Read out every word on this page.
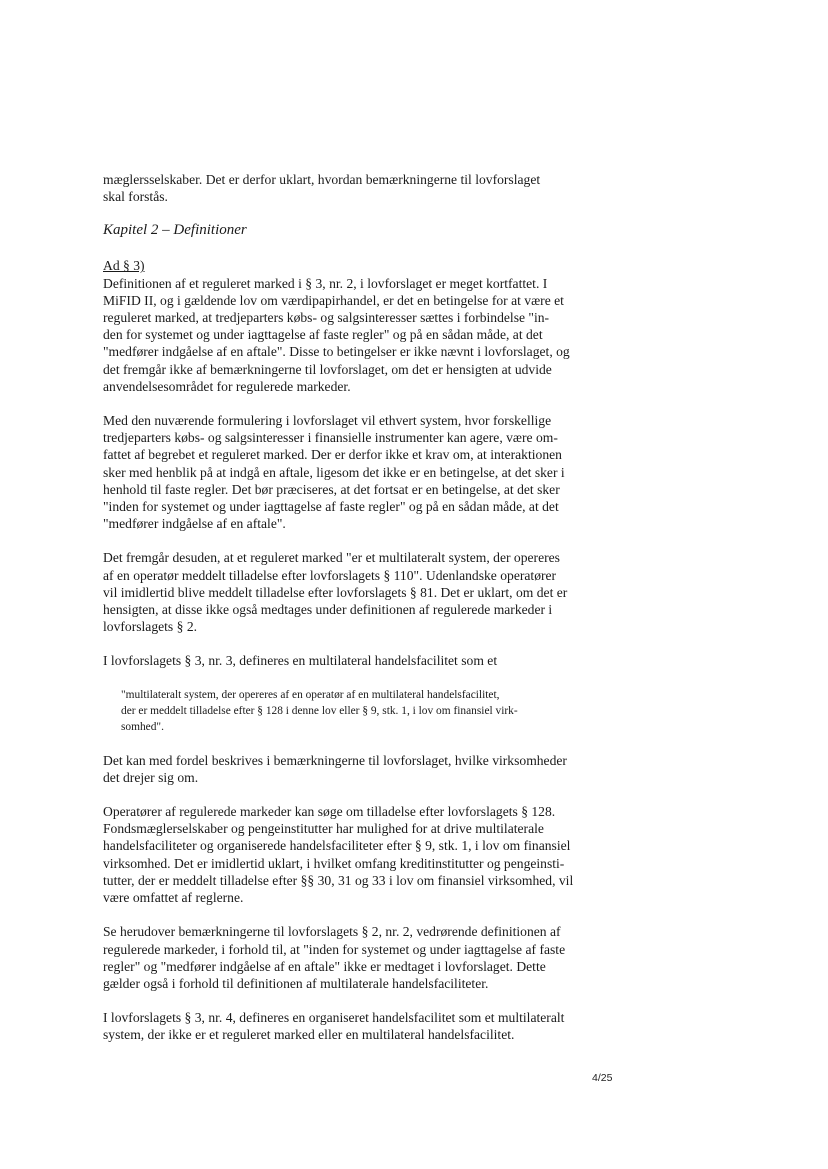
mæglersselskaber. Det er derfor uklart, hvordan bemærkningerne til lovforslaget
skal forstås.

Kapitel 2 – Definitioner

Ad § 3)

Definitionen af et reguleret marked i § 3, nr. 2, i lovforslaget er meget kortfattet. I
MiFID II, og i gældende lov om værdipapirhandel, er det en betingelse for at være et
reguleret marked, at tredjeparters købs- og salgsinteresser sættes i forbindelse "in-
den for systemet og under iagttagelse af faste regler" og på en sådan måde, at det
"medfører indgåelse af en aftale". Disse to betingelser er ikke nævnt i lovforslaget, og
det fremgår ikke af bemærkningerne til lovforslaget, om det er hensigten at udvide
anvendelsesområdet for regulerede markeder.

Med den nuværende formulering i lovforslaget vil ethvert system, hvor forskellige
tredjeparters købs- og salgsinteresser i finansielle instrumenter kan agere, være om-
fattet af begrebet et reguleret marked. Der er derfor ikke et krav om, at interaktionen
sker med henblik på at indgå en aftale, ligesom det ikke er en betingelse, at det sker i
henhold til faste regler. Det bør præciseres, at det fortsat er en betingelse, at det sker
"inden for systemet og under iagttagelse af faste regler" og på en sådan måde, at det
"medfører indgåelse af en aftale".

Det fremgår desuden, at et reguleret marked "er et multilateralt system, der opereres
af en operatør meddelt tilladelse efter lovforslagets § 110". Udenlandske operatører
vil imidlertid blive meddelt tilladelse efter lovforslagets § 81. Det er uklart, om det er
hensigten, at disse ikke også medtages under definitionen af regulerede markeder i
lovforslagets § 2.

I lovforslagets § 3, nr. 3, defineres en multilateral handelsfacilitet som et

"multilateralt system, der opereres af en operatør af en multilateral handelsfacilitet,
der er meddelt tilladelse efter § 128 i denne lov eller § 9, stk. 1, i lov om finansiel virk-
somhed".

Det kan med fordel beskrives i bemærkningerne til lovforslaget, hvilke virksomheder
det drejer sig om.

Operatører af regulerede markeder kan søge om tilladelse efter lovforslagets § 128.
Fondsmæglerselskaber og pengeinstitutter har mulighed for at drive multilaterale
handelsfaciliteter og organiserede handelsfaciliteter efter § 9, stk. 1, i lov om finansiel
virksomhed. Det er imidlertid uklart, i hvilket omfang kreditinstitutter og pengeinsti-
tutter, der er meddelt tilladelse efter §§ 30, 31 og 33 i lov om finansiel virksomhed, vil
være omfattet af reglerne.

Se herudover bemærkningerne til lovforslagets § 2, nr. 2, vedrørende definitionen af
regulerede markeder, i forhold til, at "inden for systemet og under iagttagelse af faste
regler" og "medfører indgåelse af en aftale" ikke er medtaget i lovforslaget. Dette
gælder også i forhold til definitionen af multilaterale handelsfaciliteter.

I lovforslagets § 3, nr. 4, defineres en organiseret handelsfacilitet som et multilateralt
system, der ikke er et reguleret marked eller en multilateral handelsfacilitet.

4/25
